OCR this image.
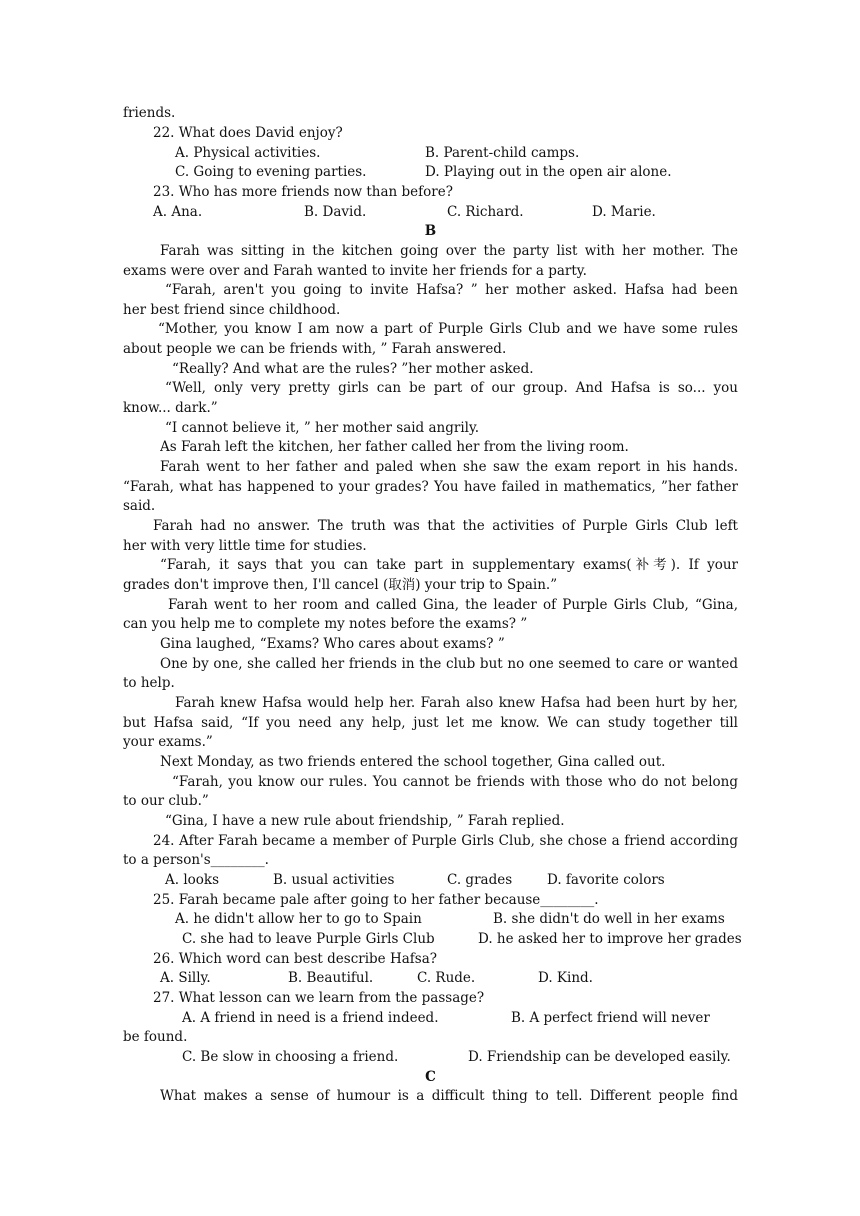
friends.
22. What does David enjoy?
A. Physical activities.	B. Parent-child camps.
C. Going to evening parties.	D. Playing out in the open air alone.
23. Who has more friends now than before?
A. Ana.	B. David.	C. Richard.	D. Marie.
B
Farah was sitting in the kitchen going over the party list with her mother. The
exams were over and Farah wanted to invite her friends for a party.
“Farah, aren't you going to invite Hafsa? ” her mother asked. Hafsa had been
her best friend since childhood.
“Mother, you know I am now a part of Purple Girls Club and we have some rules
about people we can be friends with, ” Farah answered.
“Really? And what are the rules? ”her mother asked.
“Well, only very pretty girls can be part of our group. And Hafsa is so... you
know... dark.”
“I cannot believe it, ” her mother said angrily.
As Farah left the kitchen, her father called her from the living room.
Farah went to her father and paled when she saw the exam report in his hands.
“Farah, what has happened to your grades? You have failed in mathematics, ”her father
said.
Farah had no answer. The truth was that the activities of Purple Girls Club left
her with very little time for studies.
“Farah, it says that you can take part in supplementary exams(补考). If your
grades don't improve then, I'll cancel (取消) your trip to Spain.”
Farah went to her room and called Gina, the leader of Purple Girls Club, “Gina,
can you help me to complete my notes before the exams? ”
Gina laughed, “Exams? Who cares about exams? ”
One by one, she called her friends in the club but no one seemed to care or wanted
to help.
Farah knew Hafsa would help her. Farah also knew Hafsa had been hurt by her,
but Hafsa said, “If you need any help, just let me know. We can study together till
your exams.”
Next Monday, as two friends entered the school together, Gina called out.
“Farah, you know our rules. You cannot be friends with those who do not belong
to our club.”
“Gina, I have a new rule about friendship, ” Farah replied.
24. After Farah became a member of Purple Girls Club, she chose a friend according
to a person's________.
A. looks	B. usual activities	C. grades	D. favorite colors
25. Farah became pale after going to her father because________.
A. he didn't allow her to go to Spain	B. she didn't do well in her exams
C. she had to leave Purple Girls Club	D. he asked her to improve her grades
26. Which word can best describe Hafsa?
A. Silly.	B. Beautiful.	C. Rude.	D. Kind.
27. What lesson can we learn from the passage?
A. A friend in need is a friend indeed.	B. A perfect friend will never
be found.
C. Be slow in choosing a friend.	D. Friendship can be developed easily.
C
What makes a sense of humour is a difficult thing to tell. Different people find
